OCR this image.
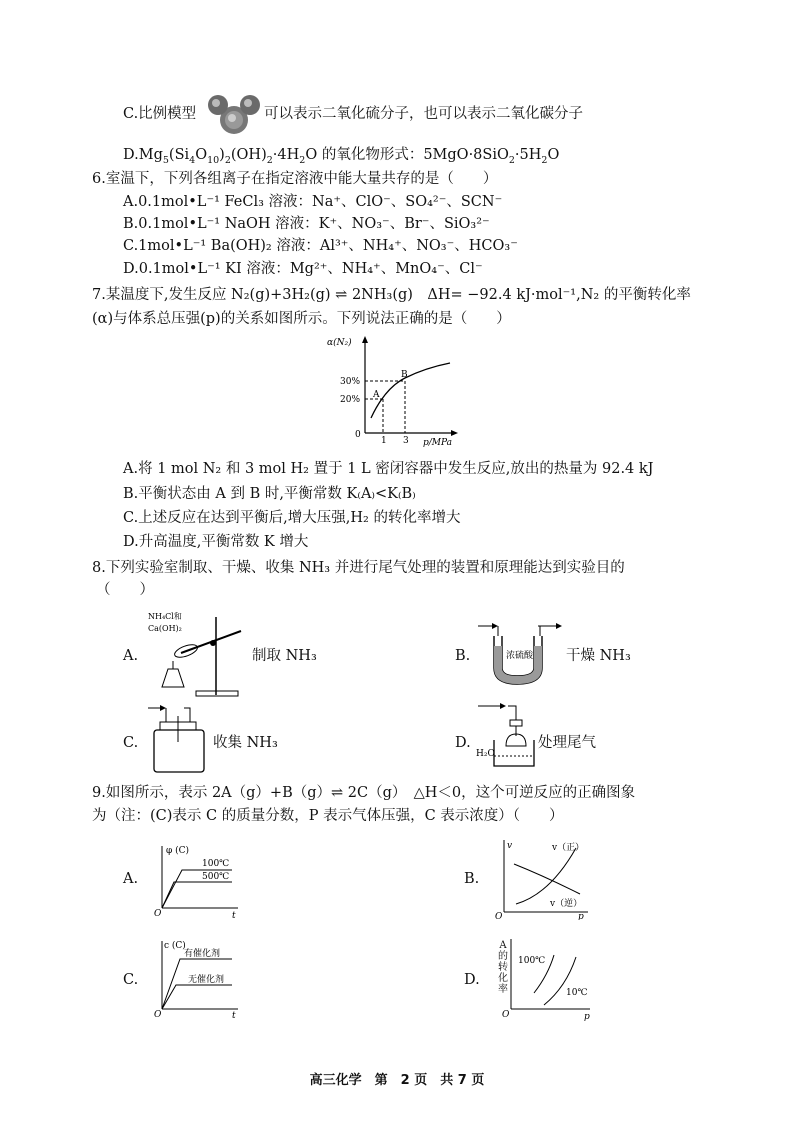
C.比例模型	可以表示二氧化硫分子，也可以表示二氧化碳分子
$D.Mg_5(Si_4O_{10})_2(OH)_2\cdot 4H_2O$ 的氧化物形式：$5MgO\cdot 8SiO_2\cdot 5H_2O$
6.室温下，下列各组离子在指定溶液中能大量共存的是（　　）
A.0.1mol•L⁻¹ FeCl₃ 溶液：Na⁺、ClO⁻、SO₄²⁻、SCN⁻
B.0.1mol•L⁻¹ NaOH 溶液：K⁺、NO₃⁻、Br⁻、SiO₃²⁻
C.1mol•L⁻¹ Ba(OH)₂ 溶液：Al³⁺、NH₄⁺、NO₃⁻、HCO₃⁻
D.0.1mol•L⁻¹ KI 溶液：Mg²⁺、NH₄⁺、MnO₄⁻、Cl⁻
7.某温度下,发生反应 N₂(g)+3H₂(g) ⇌ 2NH₃(g)　ΔH= −92.4 kJ·mol⁻¹,N₂ 的平衡转化率
(α)与体系总压强(p)的关系如图所示。下列说法正确的是（　　）
α(N₂)
30%
20%
0
1 3 p/MPa
A
B
A.将 1 mol N₂ 和 3 mol H₂ 置于 1 L 密闭容器中发生反应,放出的热量为 92.4 kJ
B.平衡状态由 A 到 B 时,平衡常数 K₍A₎<K₍B₎
C.上述反应在达到平衡后,增大压强,H₂ 的转化率增大
D.升高温度,平衡常数 K 增大
8.下列实验室制取、干燥、收集 NH₃ 并进行尾气处理的装置和原理能达到实验目的
（　　）
A.
NH₄Cl和
Ca(OH)₂
制取 NH₃	B.	浓硫酸 干燥 NH₃
C.	收集 NH₃	D.
H₂O
处理尾气
9.如图所示，表示 2A（g）+B（g）⇌ 2C（g）　△H＜0，这个可逆反应的正确图象
为（注：(C)表示 C 的质量分数，P 表示气体压强，C 表示浓度）（　　）
A.
φ (C)
100℃
500℃
O	t
B.
v	v（正）
v（逆）
O	p
C.
c (C)
有催化剂
无催化剂
O	t
D.
A的转化率
100℃
10℃
O	p
高三化学　第　2 页　共 7 页
